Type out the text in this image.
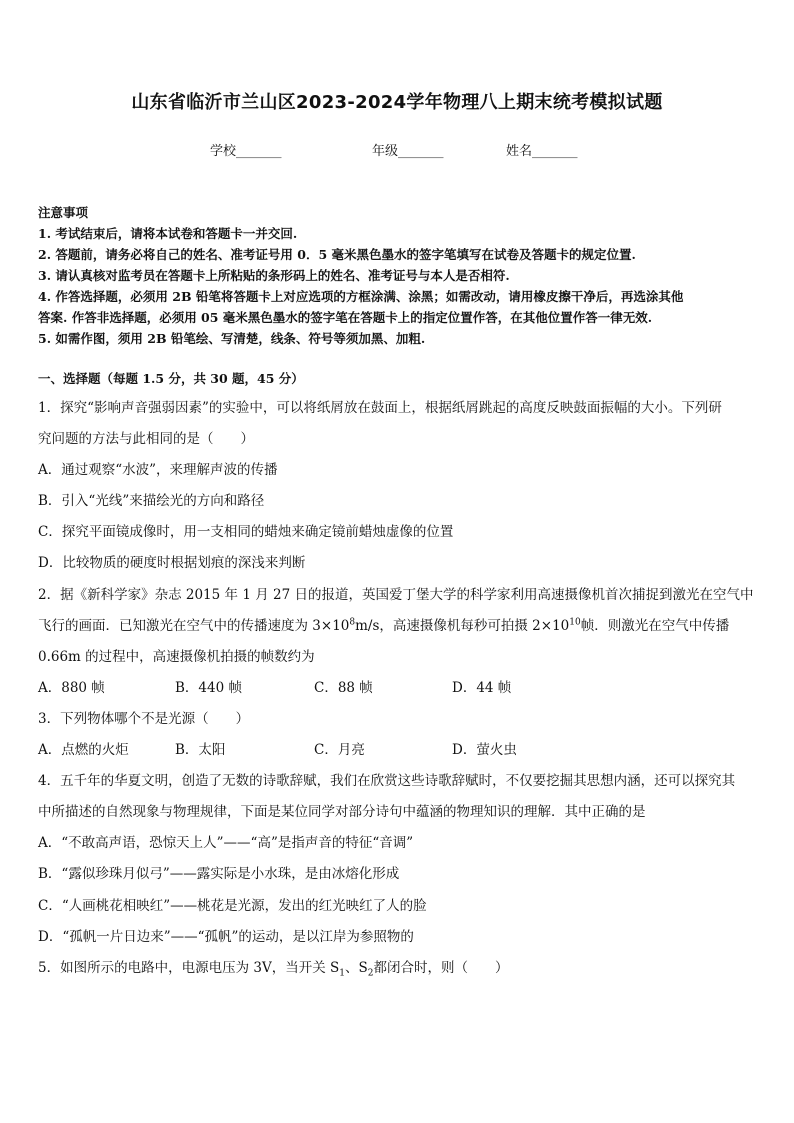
山东省临沂市兰山区2023-2024学年物理八上期末统考模拟试题
学校_______	年级_______	姓名_______
注意事项
1. 考试结束后，请将本试卷和答题卡一并交回.
2. 答题前，请务必将自己的姓名、准考证号用 0．5 毫米黑色墨水的签字笔填写在试卷及答题卡的规定位置.
3. 请认真核对监考员在答题卡上所粘贴的条形码上的姓名、准考证号与本人是否相符.
4. 作答选择题，必须用 2B 铅笔将答题卡上对应选项的方框涂满、涂黑；如需改动，请用橡皮擦干净后，再选涂其他
答案. 作答非选择题，必须用 05 毫米黑色墨水的签字笔在答题卡上的指定位置作答，在其他位置作答一律无效.
5. 如需作图，须用 2B 铅笔绘、写清楚，线条、符号等须加黑、加粗.
一、选择题（每题 1.5 分，共 30 题，45 分）
1．探究“影响声音强弱因素”的实验中，可以将纸屑放在鼓面上，根据纸屑跳起的高度反映鼓面振幅的大小。下列研
究问题的方法与此相同的是（　　）
A．通过观察“水波”，来理解声波的传播
B．引入“光线”来描绘光的方向和路径
C．探究平面镜成像时，用一支相同的蜡烛来确定镜前蜡烛虚像的位置
D．比较物质的硬度时根据划痕的深浅来判断
2．据《新科学家》杂志 2015 年 1 月 27 日的报道，英国爱丁堡大学的科学家利用高速摄像机首次捕捉到激光在空气中
飞行的画面．已知激光在空气中的传播速度为 $3\times 10^8m/s$，高速摄像机每秒可拍摄 $2\times 10^{10}$帧．则激光在空气中传播
0.66m 的过程中，高速摄像机拍摄的帧数约为
A．880 帧	B．440 帧	C．88 帧	D．44 帧
3．下列物体哪个不是光源（　　）
A．点燃的火炬	B．太阳	C．月亮	D．萤火虫
4．五千年的华夏文明，创造了无数的诗歌辞赋，我们在欣赏这些诗歌辞赋时，不仅要挖掘其思想内涵，还可以探究其
中所描述的自然现象与物理规律，下面是某位同学对部分诗句中蕴涵的物理知识的理解．其中正确的是
A．“不敢高声语，恐惊天上人”——“高”是指声音的特征“音调”
B．“露似珍珠月似弓”——露实际是小水珠，是由冰熔化形成
C．“人画桃花相映红”——桃花是光源，发出的红光映红了人的脸
D．“孤帆一片日边来”——“孤帆”的运动，是以江岸为参照物的
5．如图所示的电路中，电源电压为 3V，当开关 $S_1$、$S_2$都闭合时，则（　　）
